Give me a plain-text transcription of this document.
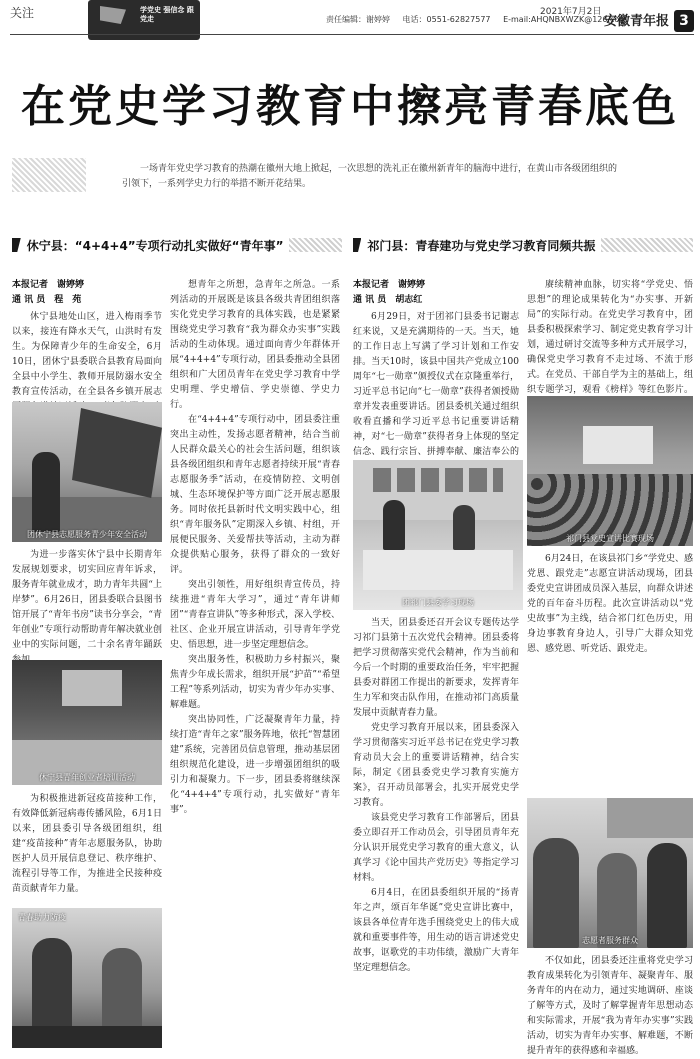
关注	学党史 强信念 跟党走	责任编辑：谢婷婷 电话：0551-62827577 E-mail:AHQNBXWZK@126.com
2021年7月2日
安徽青年报 3
在党史学习教育中擦亮青春底色
一场青年党史学习教育的热潮在徽州大地上掀起，一次思想的洗礼正在徽州新青年的脑海中进行，在黄山市各级团组织的引领下，一系列学史力行的举措不断开花结果。
休宁县：“4+4+4”专项行动扎实做好“青年事”
本报记者　谢婷婷
通 讯 员　程　苑

休宁县地处山区，进入梅雨季节以来，接连有降水天气，山洪时有发生。为保障青少年的生命安全，6月10日，团休宁县委联合县教育局面向全县中小学生、教师开展防溺水安全教育宣传活动，在全县各乡镇开展志

团休宁县志愿服务青少年安全活动

为进一步落实休宁县中长期青年发展规划要求，切实回应青年诉求，服务青年就业成才，助力青年共圆“上岸梦”。6月26日，团县委联合县图书馆开展了“青年书房”读书分享会，“青年创业”专项行动帮助青年解决就业创业中的实际问题，二十余名青年踊跃

休宁县青年创业者培训活动

为积极推进新冠疫苗接种工作，有效降低新冠病毒传播风险，6月1日以来，团县委引导各级团组织，组建“疫苗接种”青年志愿服务队，协助医护人员开展信息登记、秩序维护、流程引导等工作，为推进全民接种疫苗贡献青年力量。

青春助力防疫

想青年之所想，急青年之所急。一系列活动的开展既是该县各级共青团组织落实化党史学习教育的具体实践，也是紧紧围绕党史学习教育“我为群众办实事”实践活动的生动体现。通过面向青少年群体开展“4+4+4”专项行动，团县委推动全县团组织和广大团员青年在党史学习教育中学史明理、学史增信、学史崇德、学史力行。

在“4+4+4”专项行动中，团县委注重突出主动性，发扬志愿者精神，结合当前人民群众最关心的社会生活问题，组织该县各级团组织和青年志愿者持续开展“青春志愿服务季”活动，在疫情防控、文明创城、生态环境保护等方面广泛开展志愿服务。同时依托县新时代文明实践中心，组织“青年服务队”定期深入乡镇、村组，开展便民服务、关爱帮扶等活动，主动为群众提供贴心服务，获得了群众的一致好评。

突出引领性，用好组织青宣传员，持续推进“青年大学习”，通过“青年讲师团”“青春宣讲队”等多种形式，深入学校、社区、企业开展宣讲活动，引导青年学党史、悟思想，进一步坚定理想信念。

突出服务性，积极助力乡村振兴，聚焦青少年成长需求，组织开展“护苗”“希望工程”等系列活动，切实为青少年办实事、解难题。

突出协同性，广泛凝聚青年力量，持续打造“青年之家”服务阵地，依托“智慧团建”系统，完善团员信息管理，推动基层团组织规范化建设，进一步增强团组织的吸引力和凝聚力。下一步，团县委将继续深化“4+4+4”专项行动，扎实做好“青年事”。

祁门县：青春建功与党史学习教育同频共振
本报记者　谢婷婷
通 讯 员　胡志红

6月29日，对于团祁门县委书记谢志红来说，又是充满期待的一天。当天，她的工作日志上写满了学习计划和工作安排。当天10时，该县中国共产党成立100周年“七一勋章”颁授仪式在京隆重举行，习近平总书记向“七一勋章”获得者颁授勋章并发表重要讲话。团县委机关通过组织收看直播和学习近平总书记重要讲话精神，对“七一勋章”获得者身上体现的坚定信念、践行宗旨、拼搏奉献、廉洁奉公的

团祁门县委学习现场

当天，团县委还召开会议专题传达学习祁门县第十五次党代会精神。团县委将把学习贯彻落实党代会精神，作为当前和今后一个时期的重要政治任务，牢牢把握县委对群团工作提出的新要求，发挥青年生力军和突击队作用，在推动祁门高质量发展中贡献青春力量。

党史学习教育开展以来，团县委深入学习贯彻落实习近平总书记在党史学习教育动员大会上的重要讲话精神，结合实际，制定《团县委党史学习教育实施方案》，召开动员部署会，扎实开展党史学习教育。

该县党史学习教育工作部署后，团县委立即召开工作动员会，引导团员青年充分认识开展党史学习教育的重大意义，认真学习《论中国共产党历史》等指定学习材料。

6月4日，在团县委组织开展的“扬青年之声，颂百年华诞”党史宣讲比赛中，该县各单位青年选手围绕党史上的伟大成就和重要事件等，用生动的语言讲述党史故事，讴歌党的丰功伟绩，激励广大青年坚定理想信念。

赓续精神血脉，切实将“学党史、悟思想”的理论成果转化为“办实事、开新局”的实际行动。在党史学习教育中，团县委积极探索学习、制定党史教育学习计划，通过研讨交流等多种方式开展学习，确保党史学习教育不走过场、不流于形式。在党员、干部自学为主的基础上，组织专题学习，观看《榜样》等红色影片。

祁门县党史宣讲比赛现场

6月24日，在该县祁门乡“学党史、感党恩、跟党走”志愿宣讲活动现场，团县委党史宣讲团成员深入基层，向群众讲述党的百年奋斗历程。此次宣讲活动以“党史故事”为主线，结合祁门红色历史，用身边事教育身边人，引导广大群众知党恩、感党恩、听党话、跟党走。

志愿者服务群众

不仅如此，团县委还注重将党史学习教育成果转化为引领青年、凝聚青年、服务青年的内在动力，通过实地调研、座谈了解等方式，及时了解掌握青年思想动态和实际需求，开展“我为青年办实事”实践活动，切实为青年办实事、解难题，不断提升青年的获得感和幸福感。
